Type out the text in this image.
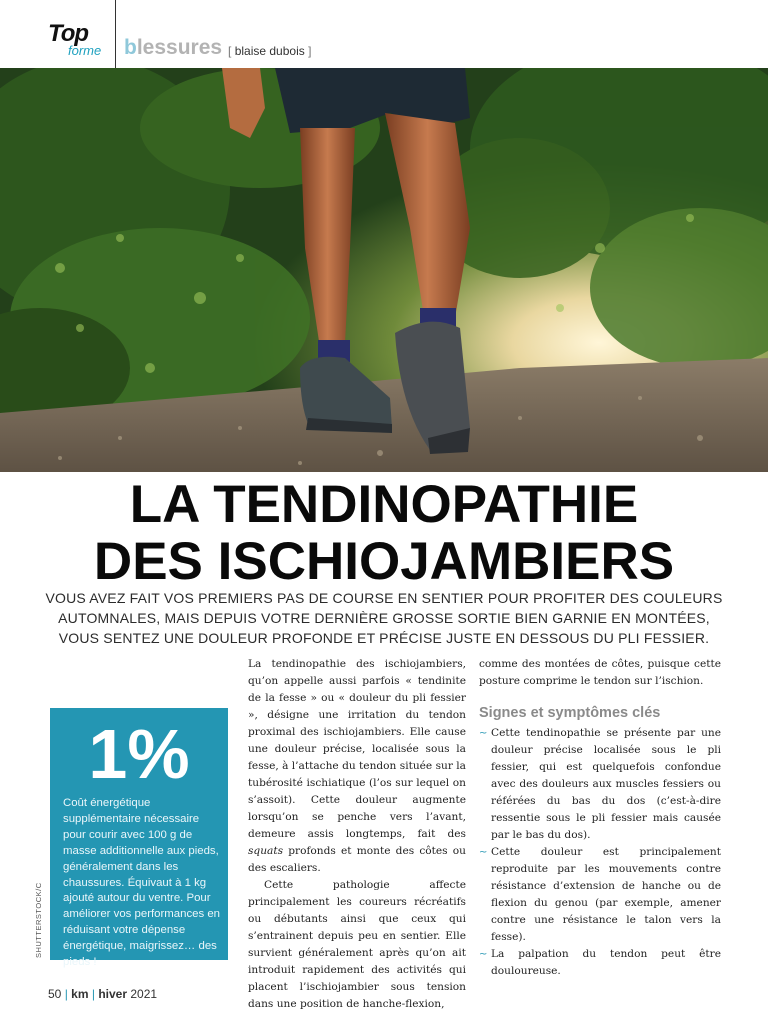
Top
forme blessures [ blaise dubois ]
LA TENDINOPATHIE
DES ISCHIOJAMBIERS
VOUS AVEZ FAIT VOS PREMIERS PAS DE COURSE EN SENTIER POUR PROFITER DES COULEURS
AUTOMNALES, MAIS DEPUIS VOTRE DERNIÈRE GROSSE SORTIE BIEN GARNIE EN MONTÉES,
VOUS SENTEZ UNE DOULEUR PROFONDE ET PRÉCISE JUSTE EN DESSOUS DU PLI FESSIER.
1%
Coût énergétique supplémentaire nécessaire pour courir avec 100 g de masse additionnelle aux pieds, généralement dans les chaussures. Équivaut à 1 kg ajouté autour du ventre. Pour améliorer vos performances en réduisant votre dépense énergétique, maigrissez… des pieds !
SHUTTERSTOCK/C

La tendinopathie des ischiojambiers, qu’on appelle aussi parfois « tendinite de la fesse » ou « douleur du pli fessier », désigne une irritation du tendon proximal des ischiojambiers. Elle cause une douleur précise, localisée sous la fesse, à l’attache du tendon située sur la tubérosité ischiatique (l’os sur lequel on s’assoit). Cette douleur augmente lorsqu’on se penche vers l’avant, demeure assis longtemps, fait des squats profonds et monte des côtes ou des escaliers.

Cette pathologie affecte principalement les coureurs récréatifs ou débutants ainsi que ceux qui s’entrainent depuis peu en sentier. Elle survient généralement après qu’on ait introduit rapidement des activités qui placent l’ischiojambier sous tension dans une position de hanche-flexion,

comme des montées de côtes, puisque cette posture comprime le tendon sur l’ischion.

Signes et symptômes clés
~ Cette tendinopathie se présente par une douleur précise localisée sous le pli fessier, qui est quelquefois confondue avec des douleurs aux muscles fessiers ou référées du bas du dos (c’est-à-dire ressentie sous le pli fessier mais causée par le bas du dos).
~ Cette douleur est principalement reproduite par les mouvements contre résistance d’extension de hanche ou de flexion du genou (par exemple, amener contre une résistance le talon vers la fesse).
~ La palpation du tendon peut être douloureuse.
50 | km | hiver 2021
